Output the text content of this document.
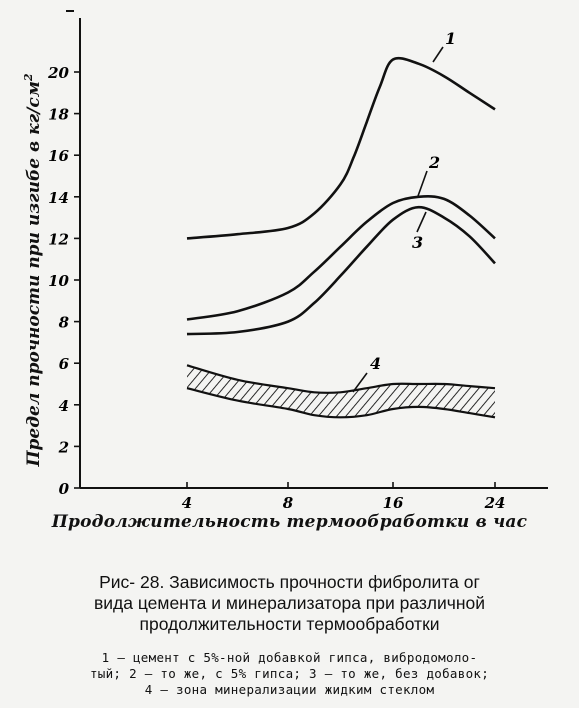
0
2
4
6
8
10
12
14
16
18
20
4	8	16	24
1
2
3
4
Предел прочности при изгибе в $кг/см^2$
Продолжительность термообработки в час
Рис- 28. Зависимость прочности фибролита ог
вида цемента и минерализатора при различной
продолжительности термообработки
1 — цемент с 5%-ной добавкой гипса, вибродомоло-
тый; 2 — то же, с 5% гипса; 3 — то же, без добавок;
4 — зона минерализации жидким стеклом
